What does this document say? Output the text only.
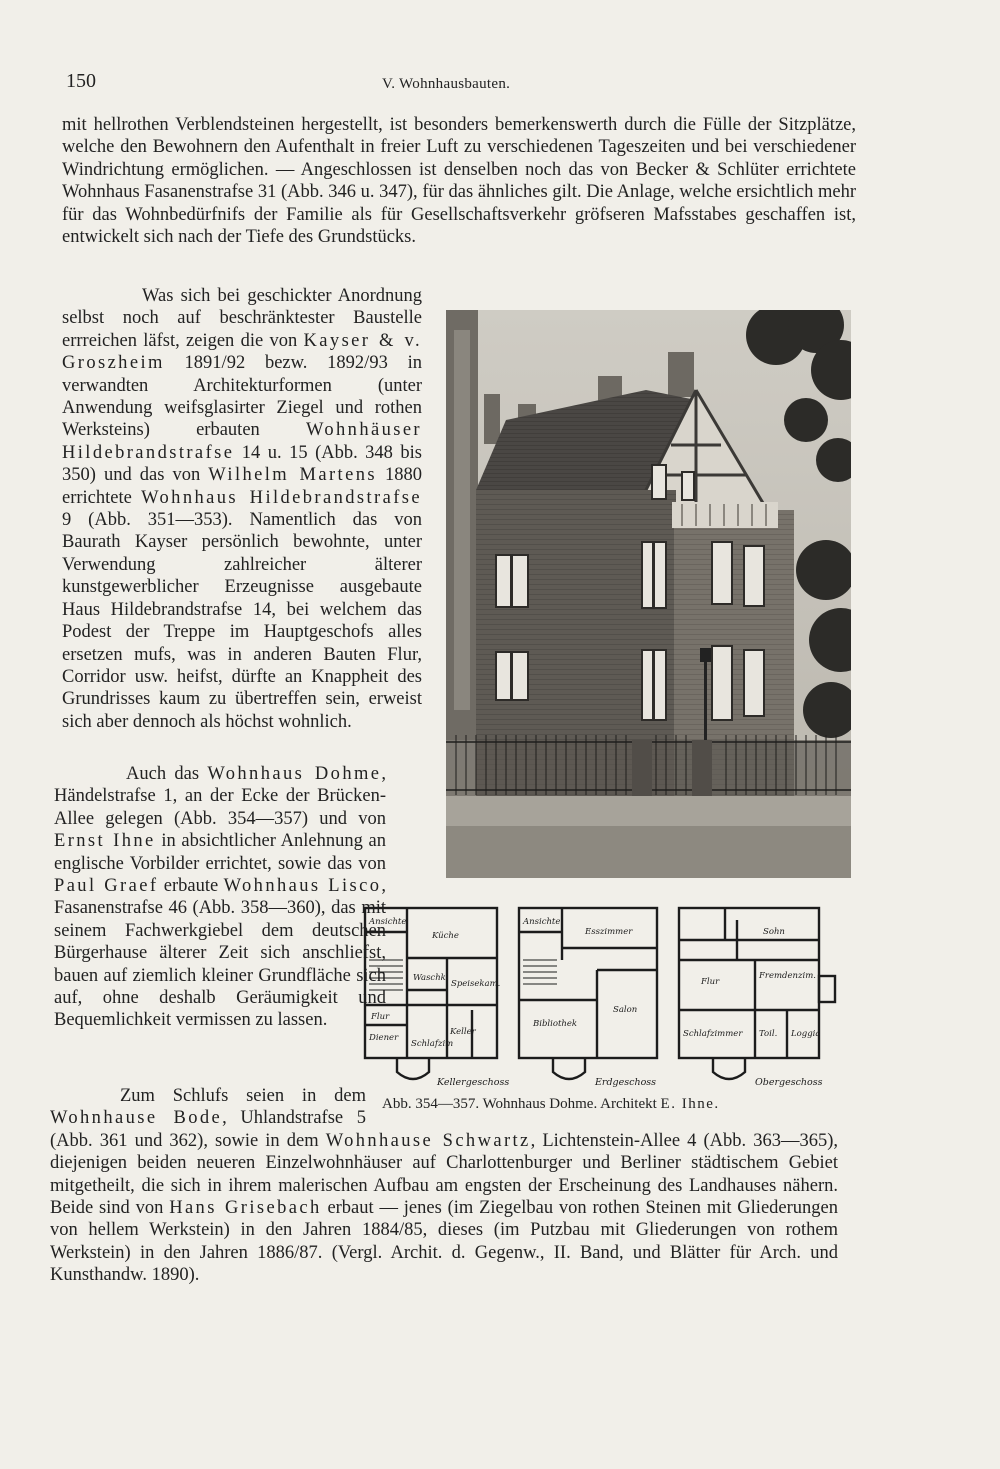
150	V. Wohnhausbauten.
mit hellrothen Verblendsteinen hergestellt, ist besonders bemerkenswerth durch die Fülle der Sitzplätze, welche den Bewohnern den Aufenthalt in freier Luft zu verschiedenen Tageszeiten und bei verschiedener Windrichtung ermöglichen. — Angeschlossen ist denselben noch das von Becker & Schlüter errichtete Wohnhaus Fasanenstrafse 31 (Abb. 346 u. 347), für das ähnliches gilt. Die Anlage, welche ersichtlich mehr für das Wohnbedürfnifs der Familie als für Gesellschaftsverkehr gröfseren Mafsstabes geschaffen ist, entwickelt sich nach der Tiefe des Grundstücks.
Was sich bei geschickter Anordnung selbst noch auf beschränktester Baustelle errreichen läfst, zeigen die von Kayser & v. Groszheim 1891/92 bezw. 1892/93 in verwandten Architekturformen (unter Anwendung weifsglasirter Ziegel und rothen Werksteins) erbauten Wohnhäuser Hildebrandstrafse 14 u. 15 (Abb. 348 bis 350) und das von Wilhelm Martens 1880 errichtete Wohnhaus Hildebrandstrafse 9 (Abb. 351—353). Namentlich das von Baurath Kayser persönlich bewohnte, unter Verwendung zahlreicher älterer kunstgewerblicher Erzeugnisse ausgebaute Haus Hildebrandstrafse 14, bei welchem das Podest der Treppe im Hauptgeschofs alles ersetzen mufs, was in anderen Bauten Flur, Corridor usw. heifst, dürfte an Knappheit des Grundrisses kaum zu übertreffen sein, erweist sich aber dennoch als höchst wohnlich.
Auch das Wohnhaus Dohme, Händelstrafse 1, an der Ecke der Brücken-Allee gelegen (Abb. 354—357) und von Ernst Ihne in absichtlicher Anlehnung an englische Vorbilder errichtet, sowie das von Paul Graef erbaute Wohnhaus Lisco, Fasanenstrafse 46 (Abb. 358—360), das mit seinem Fachwerkgiebel dem deutschen Bürgerhause älterer Zeit sich anschliefst, bauen auf ziemlich kleiner Grundfläche sich auf, ohne deshalb Geräumigkeit und Bequemlichkeit vermissen zu lassen.
Zum Schlufs seien in dem Wohnhause Bode, Uhlandstrafse 5 (Abb. 361 und 362), sowie in dem Wohnhause Schwartz, Lichtenstein-Allee 4 (Abb. 363—365), diejenigen beiden neueren Einzelwohnhäuser auf Charlottenburger und Berliner städtischem Gebiet mitgetheilt, die sich in ihrem malerischen Aufbau am engsten der Erscheinung des Landhauses nähern. Beide sind von Hans Grisebach erbaut — jenes (im Ziegelbau von rothen Steinen mit Gliederungen von hellem Werkstein) in den Jahren 1884/85, dieses (im Putzbau mit Gliederungen von rothem Werkstein) in den Jahren 1886/87. (Vergl. Archit. d. Gegenw., II. Band, und Blätter für Arch. und Kunsthandw. 1890).
Ansichte
Küche
Waschk.
Speisekam.
Flur
Diener
Schlafzim
Keller
Ansichte
Esszimmer
Bibliothek
Salon
Sohn
Flur
Fremdenzim.
Schlafzimmer Toil. Loggia
Kellergeschoss	Erdgeschoss	Obergeschoss
Abb. 354—357. Wohnhaus Dohme. Architekt E. Ihne.
